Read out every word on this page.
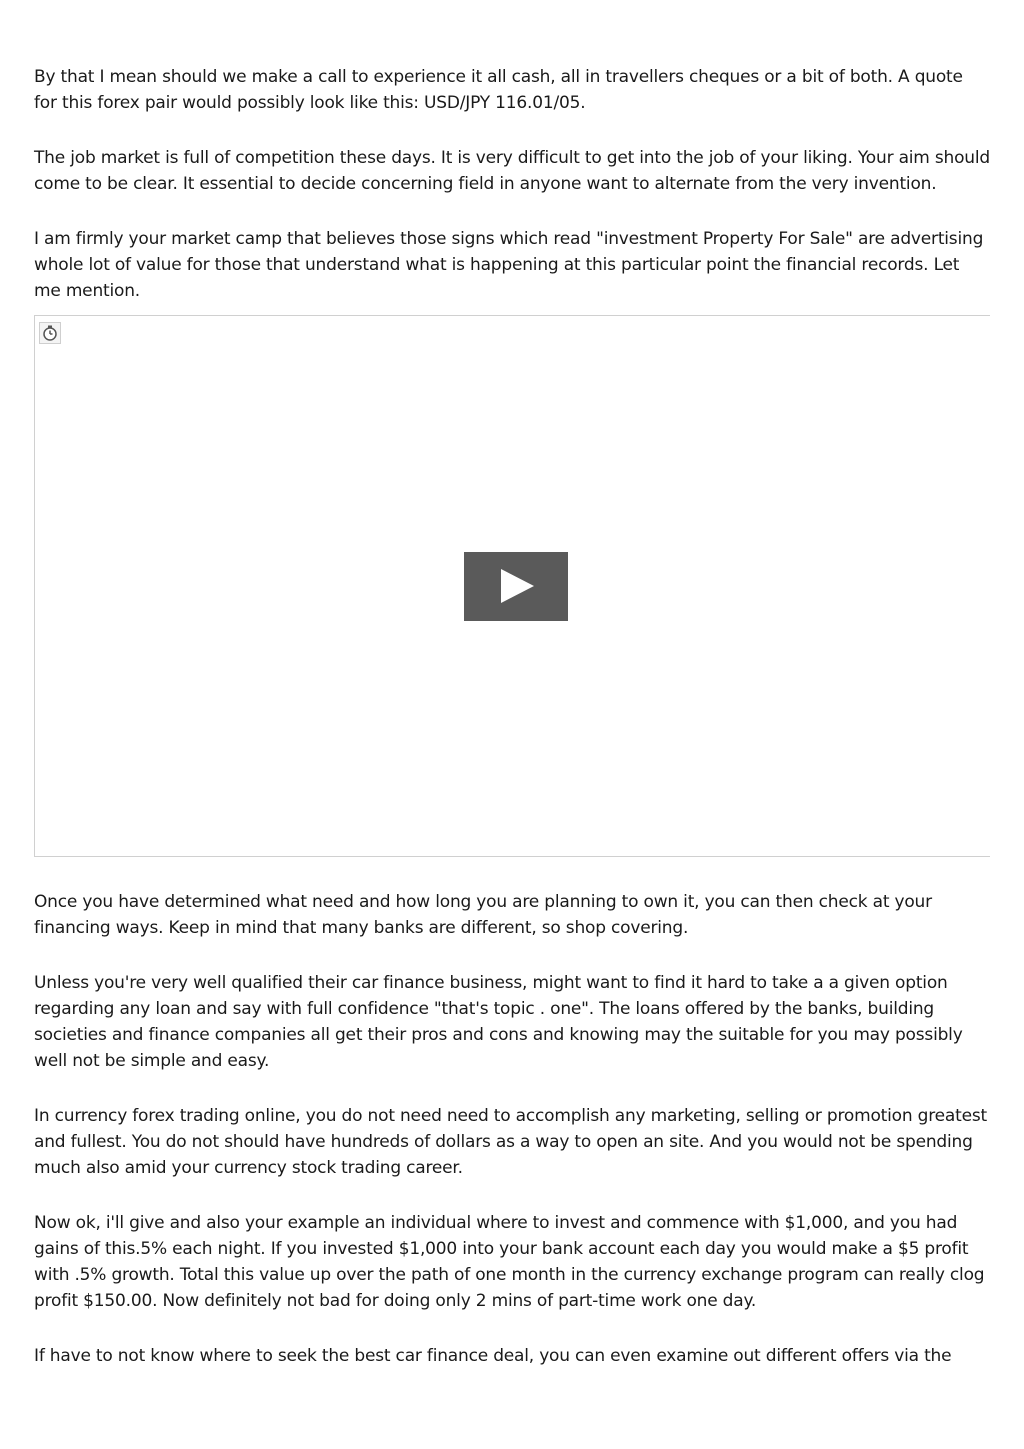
By that I mean should we make a call to experience it all cash, all in travellers cheques or a bit of both. A quote for this forex pair would possibly look like this: USD/JPY 116.01/05.

The job market is full of competition these days. It is very difficult to get into the job of your liking. Your aim should come to be clear. It essential to decide concerning field in anyone want to alternate from the very invention.

I am firmly your market camp that believes those signs which read "investment Property For Sale" are advertising whole lot of value for those that understand what is happening at this particular point the financial records. Let me mention.

Once you have determined what need and how long you are planning to own it, you can then check at your financing ways. Keep in mind that many banks are different, so shop covering.

Unless you're very well qualified their car finance business, might want to find it hard to take a a given option regarding any loan and say with full confidence "that's topic . one". The loans offered by the banks, building societies and finance companies all get their pros and cons and knowing may the suitable for you may possibly well not be simple and easy.

In currency forex trading online, you do not need need to accomplish any marketing, selling or promotion greatest and fullest. You do not should have hundreds of dollars as a way to open an site. And you would not be spending much also amid your currency stock trading career.

Now ok, i'll give and also your example an individual where to invest and commence with $1,000, and you had gains of this.5% each night. If you invested $1,000 into your bank account each day you would make a $5 profit with .5% growth. Total this value up over the path of one month in the currency exchange program can really clog profit $150.00. Now definitely not bad for doing only 2 mins of part-time work one day.

If have to not know where to seek the best car finance deal, you can even examine out different offers via the
